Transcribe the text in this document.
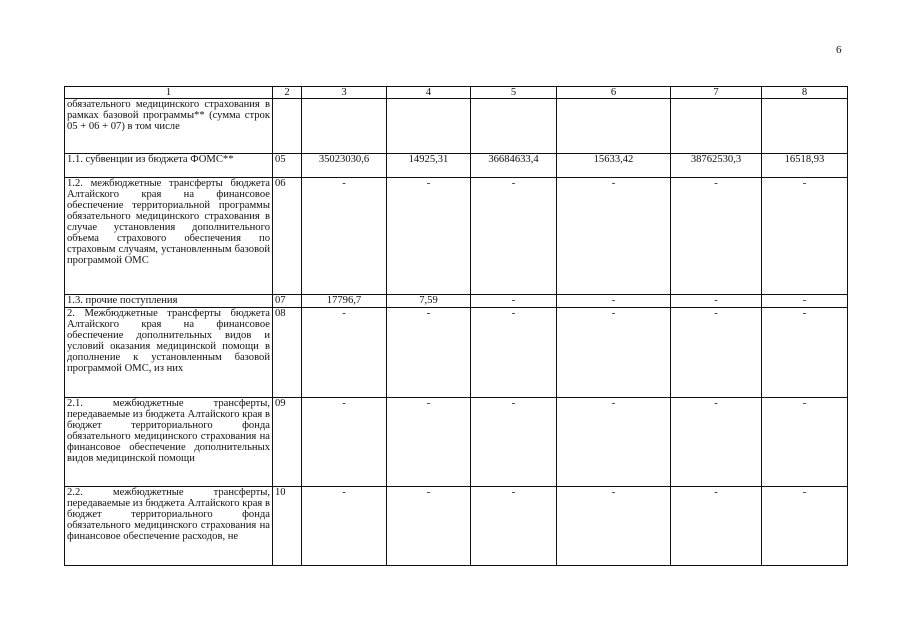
6
1	2	3	4	5	6	7	8
обязательного медицинского страхования в рамках базовой программы** (сумма строк 05 + 06 + 07) в том числе							
1.1. субвенции из бюджета ФОМС**	05	35023030,6	14925,31	36684633,4	15633,42	38762530,3	16518,93
1.2. межбюджетные трансферты бюджета Алтайского края на финансовое обеспечение территориальной программы обязательного медицинского страхования в случае установления дополнительного объема страхового обеспечения по страховым случаям, установленным базовой программой ОМС	06	-	-	-	-	-	-
1.3. прочие поступления	07	17796,7	7,59	-	-	-	-
2. Межбюджетные трансферты бюджета Алтайского края на финансовое обеспечение дополнительных видов и условий оказания медицинской помощи в дополнение к установленным базовой программой ОМС, из них	08	-	-	-	-	-	-
2.1. межбюджетные трансферты, передаваемые из бюджета Алтайского края в бюджет территориального фонда обязательного медицинского страхования на финансовое обеспечение дополнительных видов медицинской помощи	09	-	-	-	-	-	-
2.2. межбюджетные трансферты, передаваемые из бюджета Алтайского края в бюджет территориального фонда обязательного медицинского страхования на финансовое обеспечение расходов, не	10	-	-	-	-	-	-
